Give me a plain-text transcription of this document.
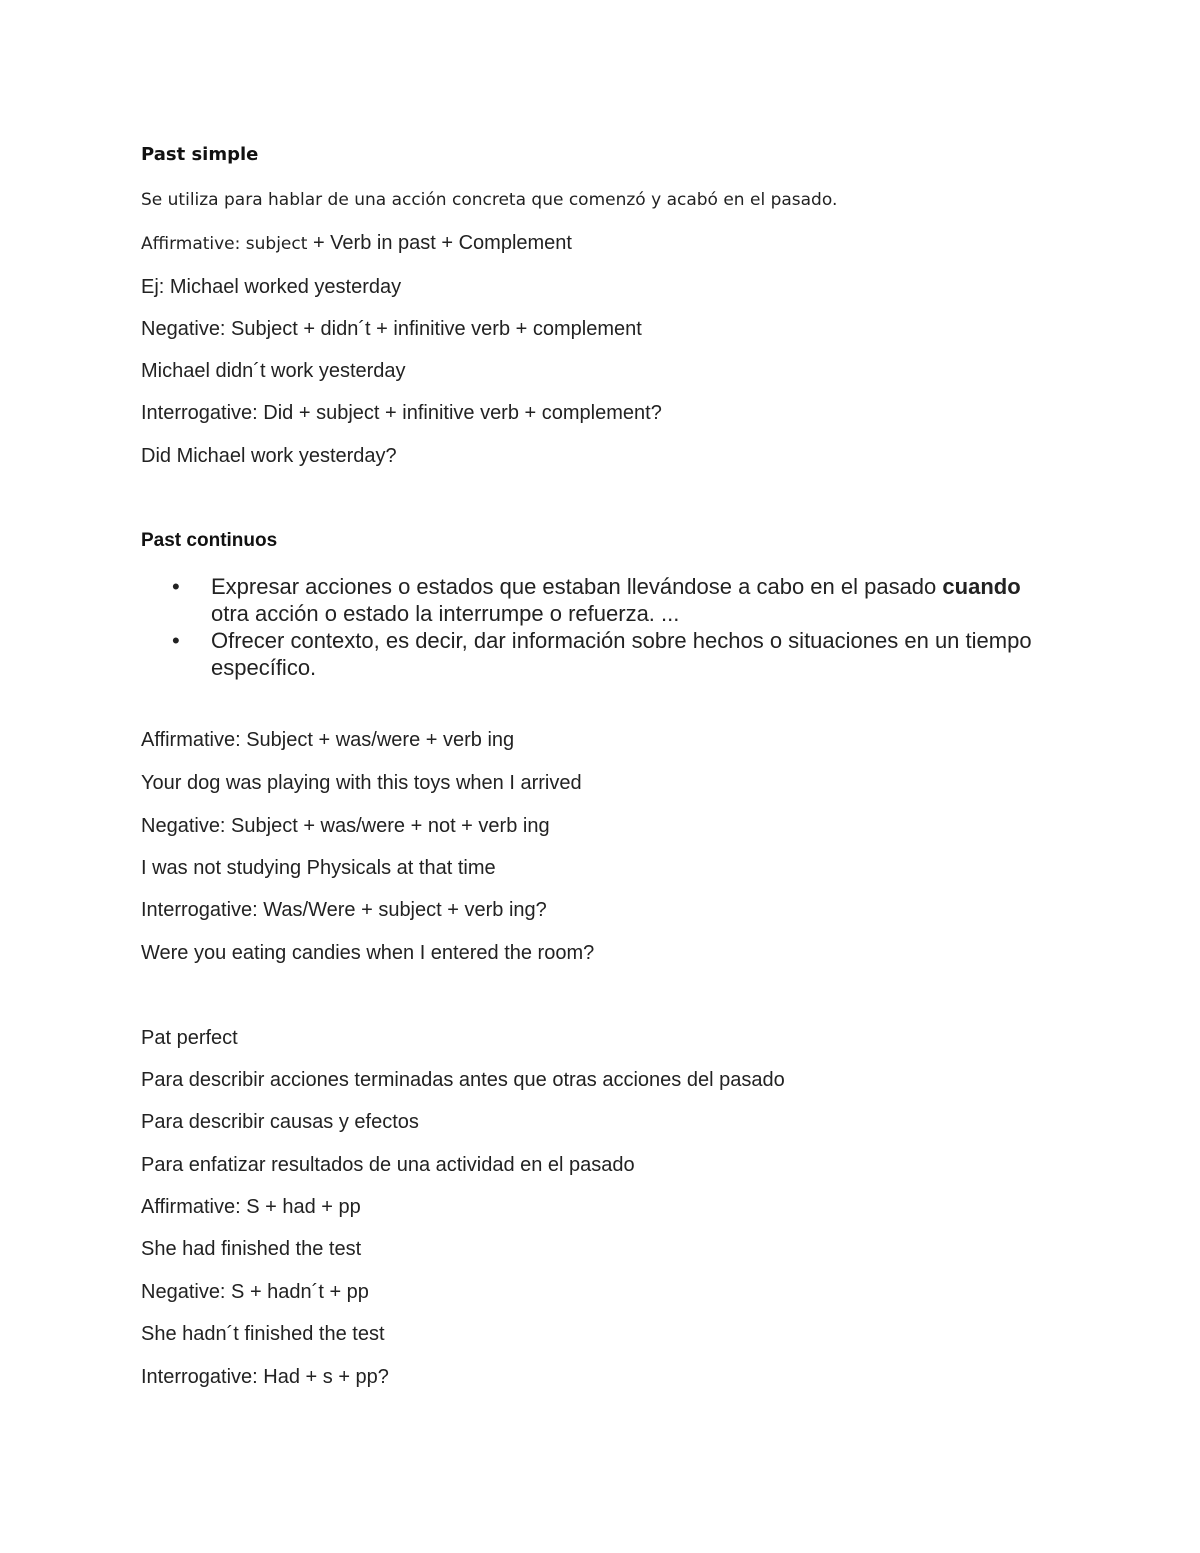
Past simple
Se utiliza para hablar de una acción concreta que comenzó y acabó en el pasado.
Affirmative: subject + Verb in past + Complement
Ej: Michael worked yesterday
Negative: Subject + didn´t + infinitive verb + complement
Michael didn´t work yesterday
Interrogative: Did + subject + infinitive verb + complement?
Did Michael work yesterday?
Past continuos
• Expresar acciones o estados que estaban llevándose a cabo en el pasado cuando otra acción o estado la interrumpe o refuerza. ...
• Ofrecer contexto, es decir, dar información sobre hechos o situaciones en un tiempo específico.
Affirmative: Subject + was/were + verb ing
Your dog was playing with this toys when I arrived
Negative: Subject + was/were + not + verb ing
I was not studying Physicals at that time
Interrogative: Was/Were + subject + verb ing?
Were you eating candies when I entered the room?
Pat perfect
Para describir acciones terminadas antes que otras acciones del pasado
Para describir causas y efectos
Para enfatizar resultados de una actividad en el pasado
Affirmative: S + had + pp
She had finished the test
Negative: S + hadn´t + pp
She hadn´t finished the test
Interrogative: Had + s + pp?
